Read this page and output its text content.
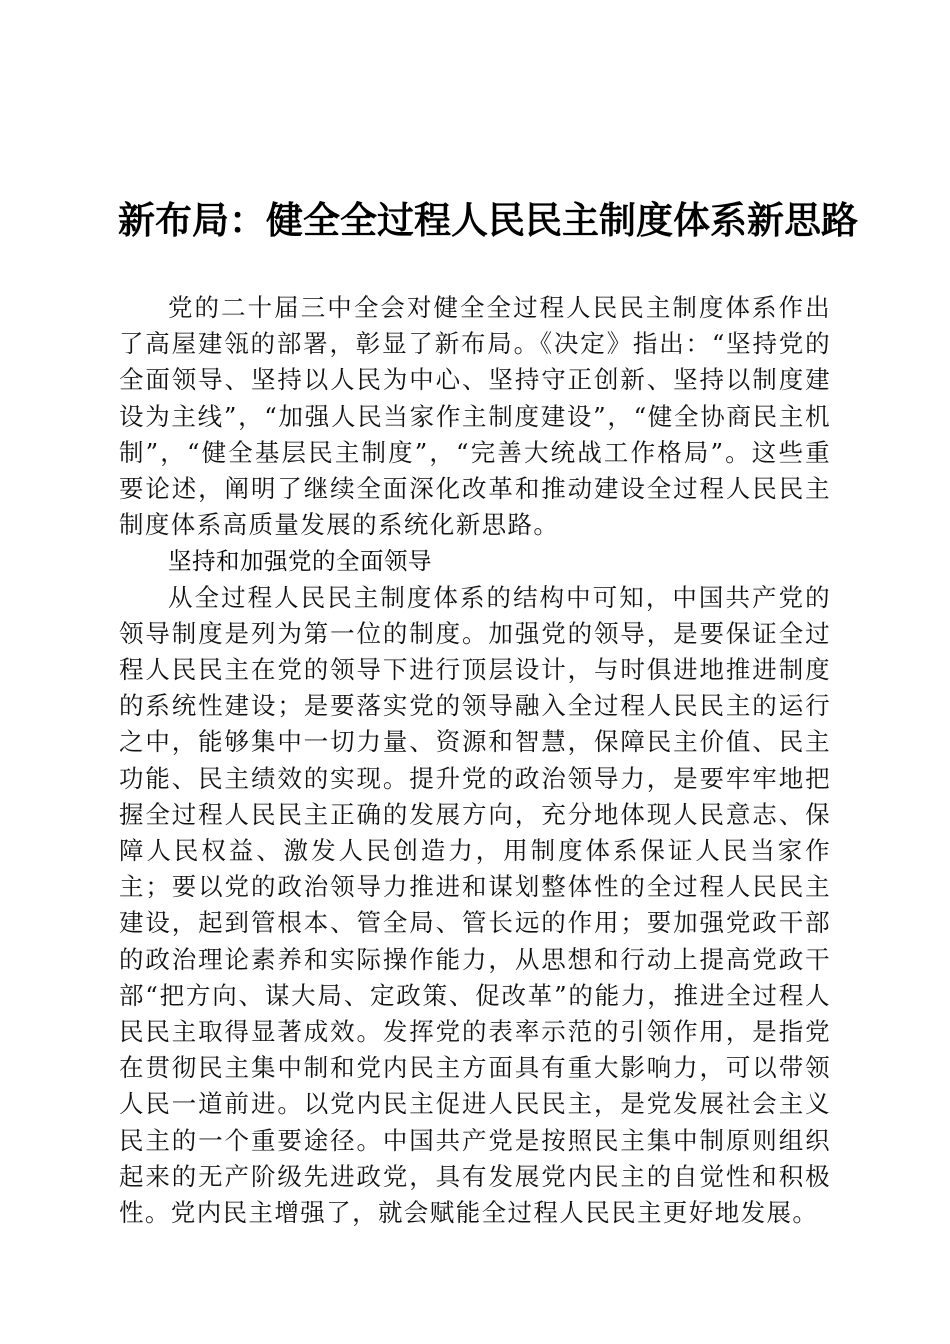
新布局：健全全过程人民民主制度体系新思路

党的二十届三中全会对健全全过程人民民主制度体系作出了高屋建瓴的部署，彰显了新布局。《决定》指出：“坚持党的全面领导、坚持以人民为中心、坚持守正创新、坚持以制度建设为主线”，“加强人民当家作主制度建设”，“健全协商民主机制”，“健全基层民主制度”，“完善大统战工作格局”。这些重要论述，阐明了继续全面深化改革和推动建设全过程人民民主制度体系高质量发展的系统化新思路。

坚持和加强党的全面领导

从全过程人民民主制度体系的结构中可知，中国共产党的领导制度是列为第一位的制度。加强党的领导，是要保证全过程人民民主在党的领导下进行顶层设计，与时俱进地推进制度的系统性建设；是要落实党的领导融入全过程人民民主的运行之中，能够集中一切力量、资源和智慧，保障民主价值、民主功能、民主绩效的实现。提升党的政治领导力，是要牢牢地把握全过程人民民主正确的发展方向，充分地体现人民意志、保障人民权益、激发人民创造力，用制度体系保证人民当家作主；要以党的政治领导力推进和谋划整体性的全过程人民民主建设，起到管根本、管全局、管长远的作用；要加强党政干部的政治理论素养和实际操作能力，从思想和行动上提高党政干部“把方向、谋大局、定政策、促改革”的能力，推进全过程人民民主取得显著成效。发挥党的表率示范的引领作用，是指党在贯彻民主集中制和党内民主方面具有重大影响力，可以带领人民一道前进。以党内民主促进人民民主，是党发展社会主义民主的一个重要途径。中国共产党是按照民主集中制原则组织起来的无产阶级先进政党，具有发展党内民主的自觉性和积极性。党内民主增强了，就会赋能全过程人民民主更好地发展。
